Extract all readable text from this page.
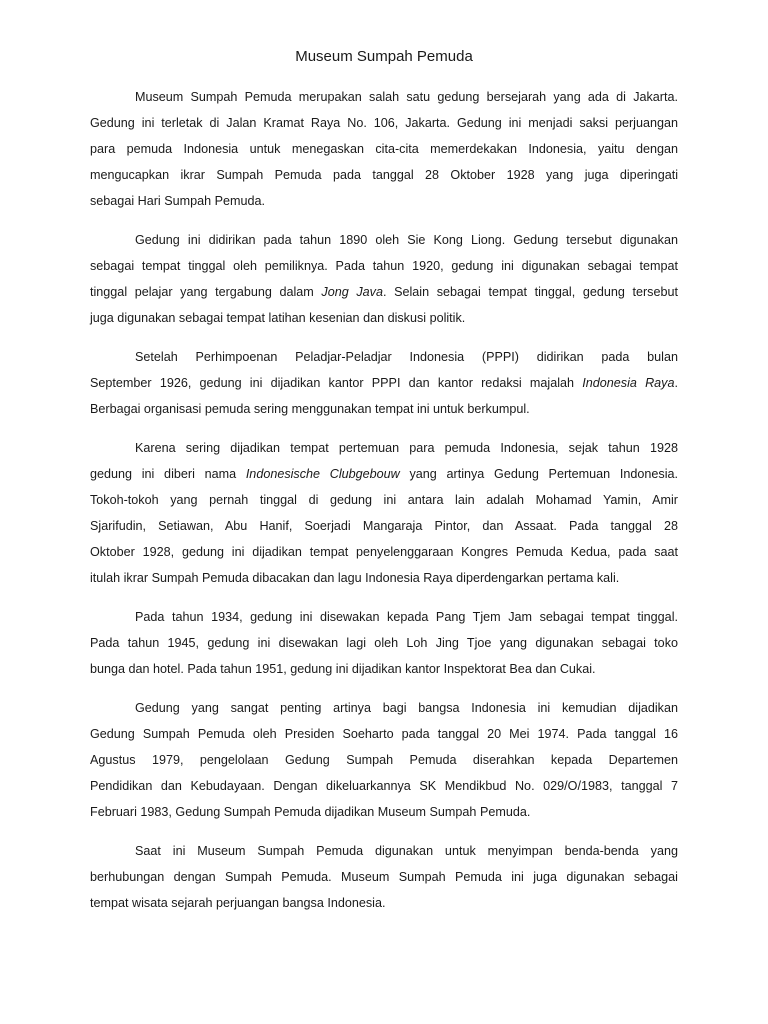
Museum Sumpah Pemuda
Museum Sumpah Pemuda merupakan salah satu gedung bersejarah yang ada di Jakarta.
Gedung ini terletak di Jalan Kramat Raya No. 106, Jakarta. Gedung ini menjadi saksi perjuangan
para pemuda Indonesia untuk menegaskan cita-cita memerdekakan Indonesia, yaitu dengan
mengucapkan ikrar Sumpah Pemuda pada tanggal 28 Oktober 1928 yang juga diperingati
sebagai Hari Sumpah Pemuda.
Gedung ini didirikan pada tahun 1890 oleh Sie Kong Liong. Gedung tersebut digunakan
sebagai tempat tinggal oleh pemiliknya. Pada tahun 1920, gedung ini digunakan sebagai tempat
tinggal pelajar yang tergabung dalam Jong Java. Selain sebagai tempat tinggal, gedung tersebut
juga digunakan sebagai tempat latihan kesenian dan diskusi politik.
Setelah Perhimpoenan Peladjar-Peladjar Indonesia (PPPI) didirikan pada bulan
September 1926, gedung ini dijadikan kantor PPPI dan kantor redaksi majalah Indonesia Raya.
Berbagai organisasi pemuda sering menggunakan tempat ini untuk berkumpul.
Karena sering dijadikan tempat pertemuan para pemuda Indonesia, sejak tahun 1928
gedung ini diberi nama Indonesische Clubgebouw yang artinya Gedung Pertemuan Indonesia.
Tokoh-tokoh yang pernah tinggal di gedung ini antara lain adalah Mohamad Yamin, Amir
Sjarifudin, Setiawan, Abu Hanif, Soerjadi Mangaraja Pintor, dan Assaat. Pada tanggal 28
Oktober 1928, gedung ini dijadikan tempat penyelenggaraan Kongres Pemuda Kedua, pada saat
itulah ikrar Sumpah Pemuda dibacakan dan lagu Indonesia Raya diperdengarkan pertama kali.
Pada tahun 1934, gedung ini disewakan kepada Pang Tjem Jam sebagai tempat tinggal.
Pada tahun 1945, gedung ini disewakan lagi oleh Loh Jing Tjoe yang digunakan sebagai toko
bunga dan hotel. Pada tahun 1951, gedung ini dijadikan kantor Inspektorat Bea dan Cukai.
Gedung yang sangat penting artinya bagi bangsa Indonesia ini kemudian dijadikan
Gedung Sumpah Pemuda oleh Presiden Soeharto pada tanggal 20 Mei 1974. Pada tanggal 16
Agustus 1979, pengelolaan Gedung Sumpah Pemuda diserahkan kepada Departemen
Pendidikan dan Kebudayaan. Dengan dikeluarkannya SK Mendikbud No. 029/O/1983, tanggal 7
Februari 1983, Gedung Sumpah Pemuda dijadikan Museum Sumpah Pemuda.
Saat ini Museum Sumpah Pemuda digunakan untuk menyimpan benda-benda yang
berhubungan dengan Sumpah Pemuda. Museum Sumpah Pemuda ini juga digunakan sebagai
tempat wisata sejarah perjuangan bangsa Indonesia.
